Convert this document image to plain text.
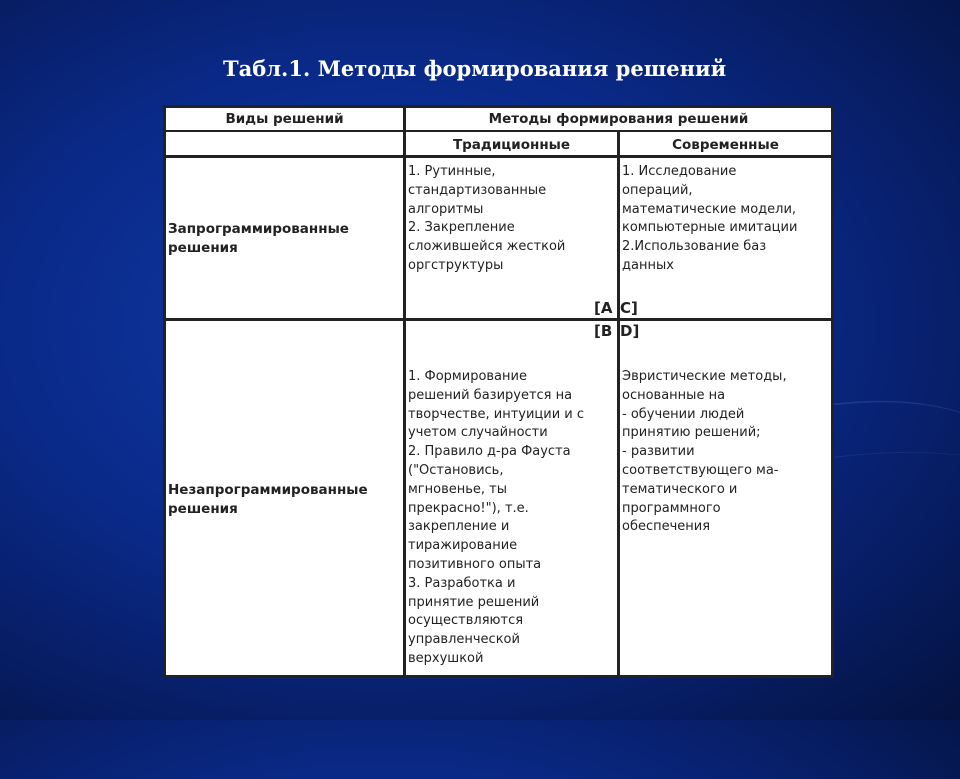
Табл.1. Методы формирования решений
Виды решений	Методы формирования решений
Традиционные	Современные
Запрограммированные решения
1. Рутинные,
стандартизованные
алгоритмы
2. Закрепление
сложившейся жесткой
оргструктуры
1. Исследование
операций,
математические модели,
компьютерные имитации
2.Использование баз
данных
[A C]
[B D]
Незапрограммированные решения
1. Формирование
решений базируется на
творчестве, интуиции и с
учетом случайности
2. Правило д-ра Фауста
("Остановись,
мгновенье, ты
прекрасно!"), т.е.
закрепление и
тиражирование
позитивного опыта
3. Разработка и
принятие решений
осуществляются
управленческой
верхушкой
Эвристические методы,
основанные на
- обучении людей
принятию решений;
- развитии
соответствующего ма-
тематического и
программного
обеспечения
